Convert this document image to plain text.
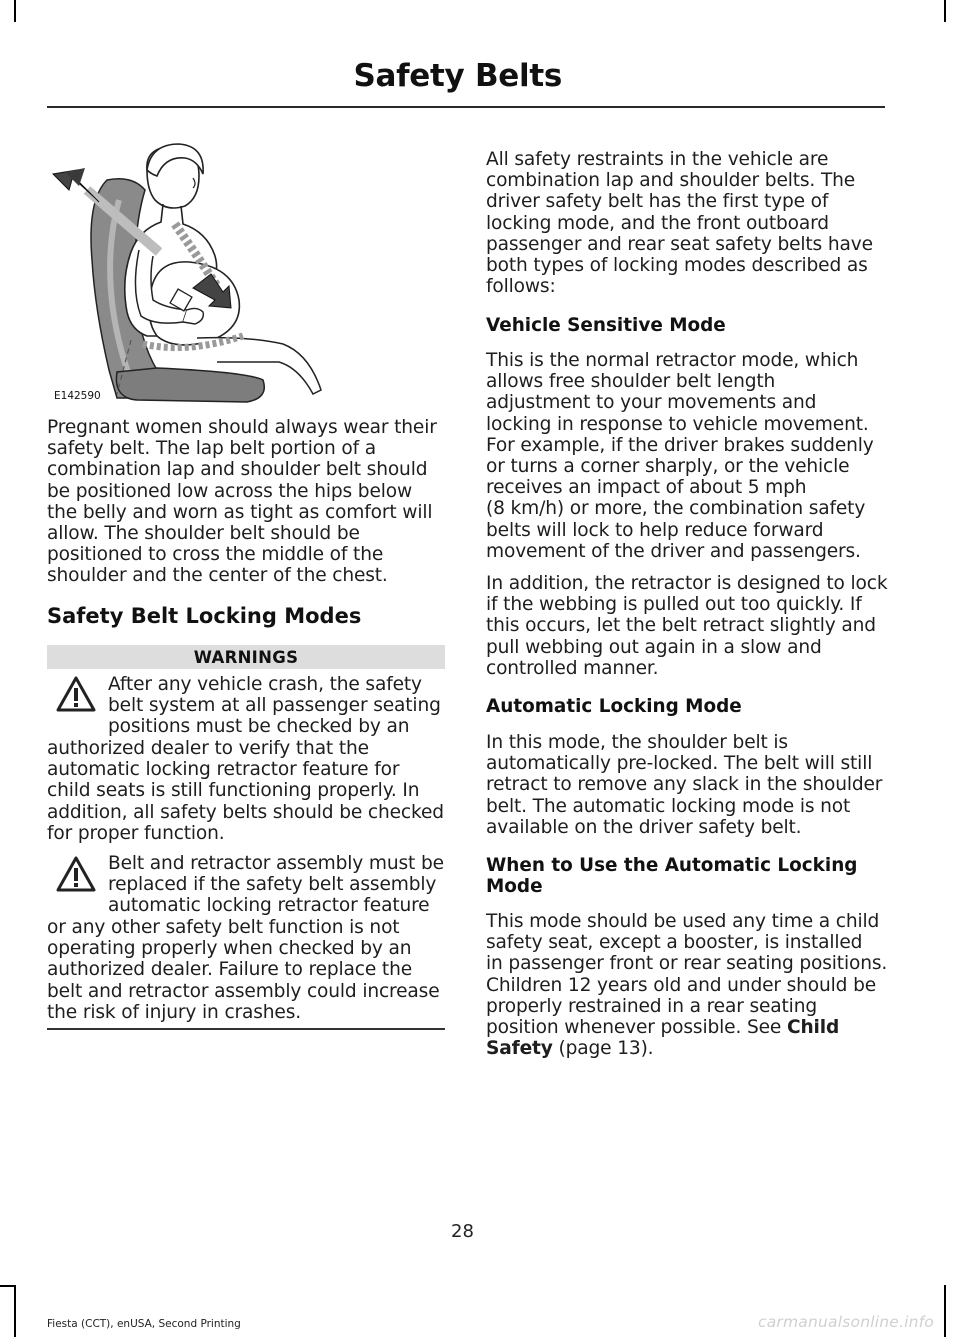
Safety Belts
E142590
Pregnant women should always wear their
safety belt. The lap belt portion of a
combination lap and shoulder belt should
be positioned low across the hips below
the belly and worn as tight as comfort will
allow. The shoulder belt should be
positioned to cross the middle of the
shoulder and the center of the chest.
Safety Belt Locking Modes
WARNINGS
After any vehicle crash, the safety
belt system at all passenger seating
positions must be checked by an
authorized dealer to verify that the
automatic locking retractor feature for
child seats is still functioning properly. In
addition, all safety belts should be checked
for proper function.
Belt and retractor assembly must be
replaced if the safety belt assembly
automatic locking retractor feature
or any other safety belt function is not
operating properly when checked by an
authorized dealer. Failure to replace the
belt and retractor assembly could increase
the risk of injury in crashes.
All safety restraints in the vehicle are
combination lap and shoulder belts. The
driver safety belt has the first type of
locking mode, and the front outboard
passenger and rear seat safety belts have
both types of locking modes described as
follows:
Vehicle Sensitive Mode
This is the normal retractor mode, which
allows free shoulder belt length
adjustment to your movements and
locking in response to vehicle movement.
For example, if the driver brakes suddenly
or turns a corner sharply, or the vehicle
receives an impact of about 5 mph
(8 km/h) or more, the combination safety
belts will lock to help reduce forward
movement of the driver and passengers.
In addition, the retractor is designed to lock
if the webbing is pulled out too quickly. If
this occurs, let the belt retract slightly and
pull webbing out again in a slow and
controlled manner.
Automatic Locking Mode
In this mode, the shoulder belt is
automatically pre-locked. The belt will still
retract to remove any slack in the shoulder
belt. The automatic locking mode is not
available on the driver safety belt.
When to Use the Automatic Locking
Mode
This mode should be used any time a child
safety seat, except a booster, is installed
in passenger front or rear seating positions.
Children 12 years old and under should be
properly restrained in a rear seating
position whenever possible. See Child
Safety (page 13).
28
Fiesta (CCT), enUSA, Second Printing	carmanualsonline.info
